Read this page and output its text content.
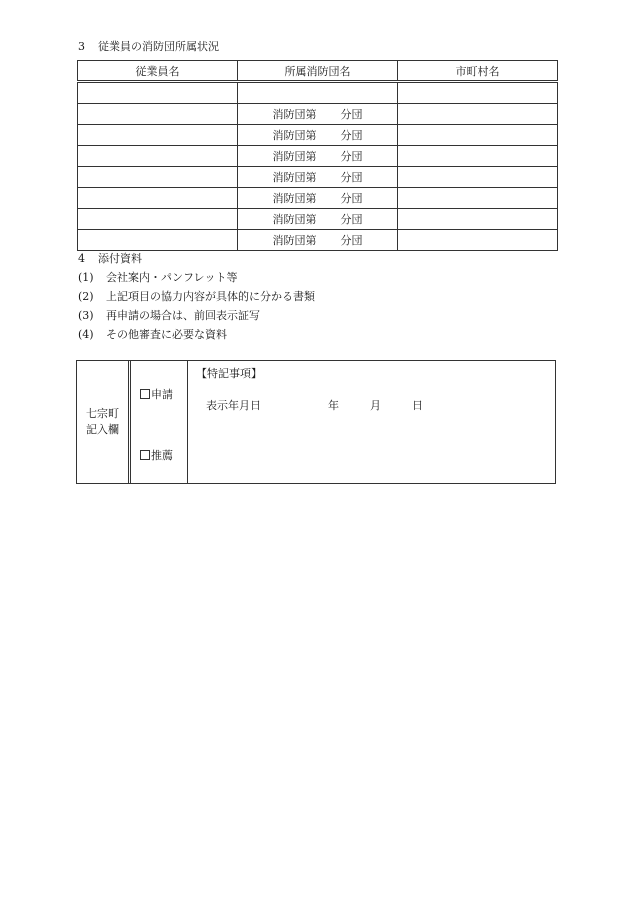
3 従業員の消防団所属状況
従業員名	所属消防団名	市町村名

	消防団第 分団	
	消防団第 分団	
	消防団第 分団	
	消防団第 分団	
	消防団第 分団	
	消防団第 分団	
	消防団第 分団	
4 添付資料
(1) 会社案内・パンフレット等
(2) 上記項目の協力内容が具体的に分かる書類
(3) 再申請の場合は、前回表示証写
(4) その他審査に必要な資料
七宗町
記入欄
申請
推薦
【特記事項】
表示年月日	年	月	日
